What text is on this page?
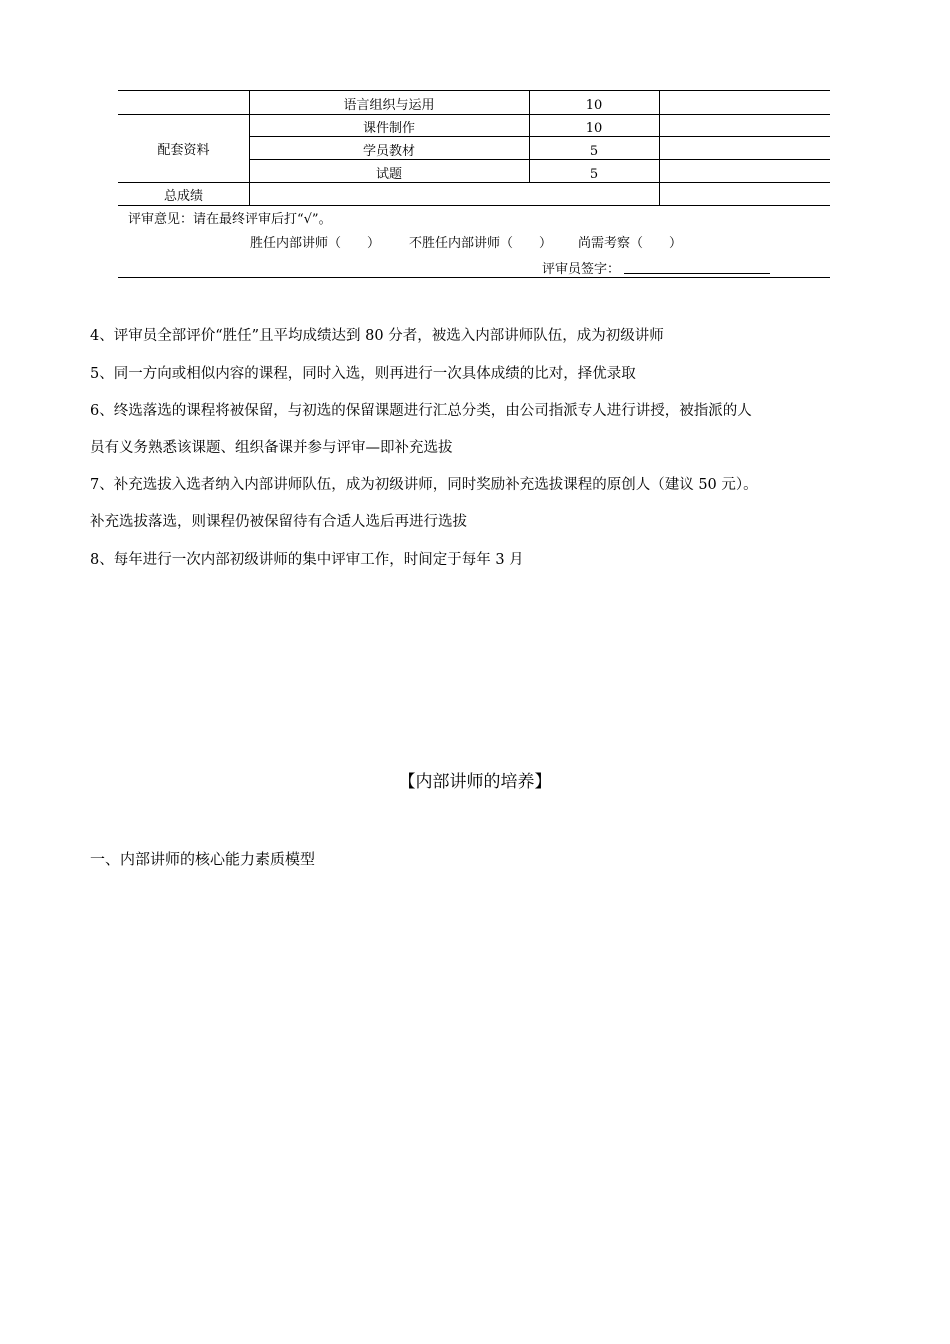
语言组织与运用	10
配套资料
课件制作	10
学员教材	5
试题	5
总成绩
评审意见：请在最终评审后打“√”。
胜任内部讲师（　　） 不胜任内部讲师（　　） 尚需考察（　　）
评审员签字：
4、评审员全部评价“胜任”且平均成绩达到 80 分者，被选入内部讲师队伍，成为初级讲师
5、同一方向或相似内容的课程，同时入选，则再进行一次具体成绩的比对，择优录取
6、终选落选的课程将被保留，与初选的保留课题进行汇总分类，由公司指派专人进行讲授，被指派的人
员有义务熟悉该课题、组织备课并参与评审—即补充选拔
7、补充选拔入选者纳入内部讲师队伍，成为初级讲师，同时奖励补充选拔课程的原创人（建议 50 元）。
补充选拔落选，则课程仍被保留待有合适人选后再进行选拔
8、每年进行一次内部初级讲师的集中评审工作，时间定于每年 3 月
【内部讲师的培养】
一、内部讲师的核心能力素质模型
